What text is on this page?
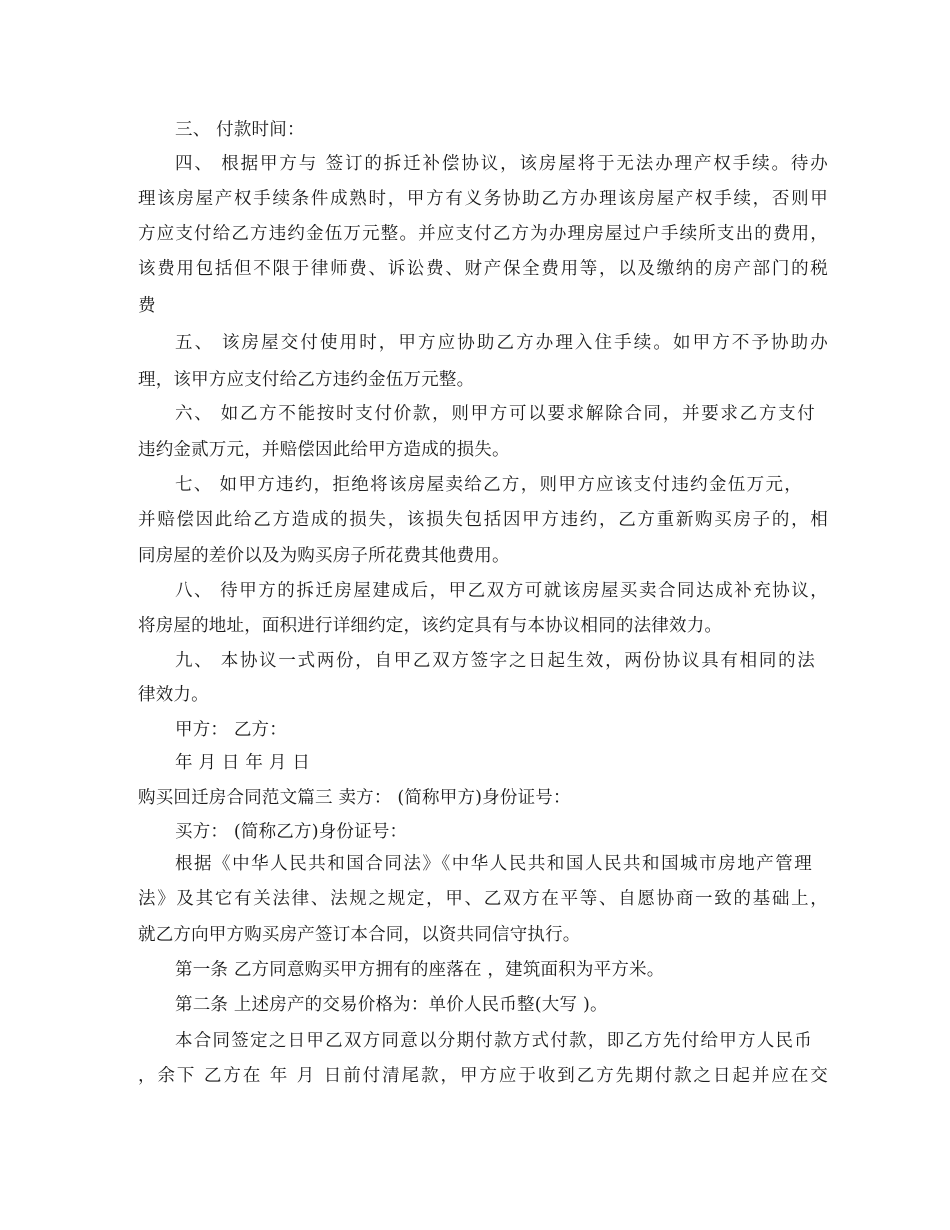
三、 付款时间：
四、 根据甲方与 签订的拆迁补偿协议，该房屋将于无法办理产权手续。待办
理该房屋产权手续条件成熟时，甲方有义务协助乙方办理该房屋产权手续，否则甲
方应支付给乙方违约金伍万元整。并应支付乙方为办理房屋过户手续所支出的费用，
该费用包括但不限于律师费、诉讼费、财产保全费用等，以及缴纳的房产部门的税
费
五、 该房屋交付使用时，甲方应协助乙方办理入住手续。如甲方不予协助办
理，该甲方应支付给乙方违约金伍万元整。
六、 如乙方不能按时支付价款，则甲方可以要求解除合同，并要求乙方支付
违约金贰万元，并赔偿因此给甲方造成的损失。
七、 如甲方违约，拒绝将该房屋卖给乙方，则甲方应该支付违约金伍万元，
并赔偿因此给乙方造成的损失，该损失包括因甲方违约，乙方重新购买房子的，相
同房屋的差价以及为购买房子所花费其他费用。
八、 待甲方的拆迁房屋建成后，甲乙双方可就该房屋买卖合同达成补充协议，
将房屋的地址，面积进行详细约定，该约定具有与本协议相同的法律效力。
九、 本协议一式两份，自甲乙双方签字之日起生效，两份协议具有相同的法
律效力。
甲方： 乙方：
年 月 日 年 月 日
购买回迁房合同范文篇三 卖方： (简称甲方)身份证号：
买方： (简称乙方)身份证号：
根据《中华人民共和国合同法》《中华人民共和国人民共和国城市房地产管理
法》及其它有关法律、法规之规定，甲、乙双方在平等、自愿协商一致的基础上，
就乙方向甲方购买房产签订本合同，以资共同信守执行。
第一条 乙方同意购买甲方拥有的座落在 ，建筑面积为平方米。
第二条 上述房产的交易价格为：单价人民币整(大写 )。
本合同签定之日甲乙双方同意以分期付款方式付款，即乙方先付给甲方人民币
，余下 乙方在 年 月 日前付清尾款，甲方应于收到乙方先期付款之日起并应在交
